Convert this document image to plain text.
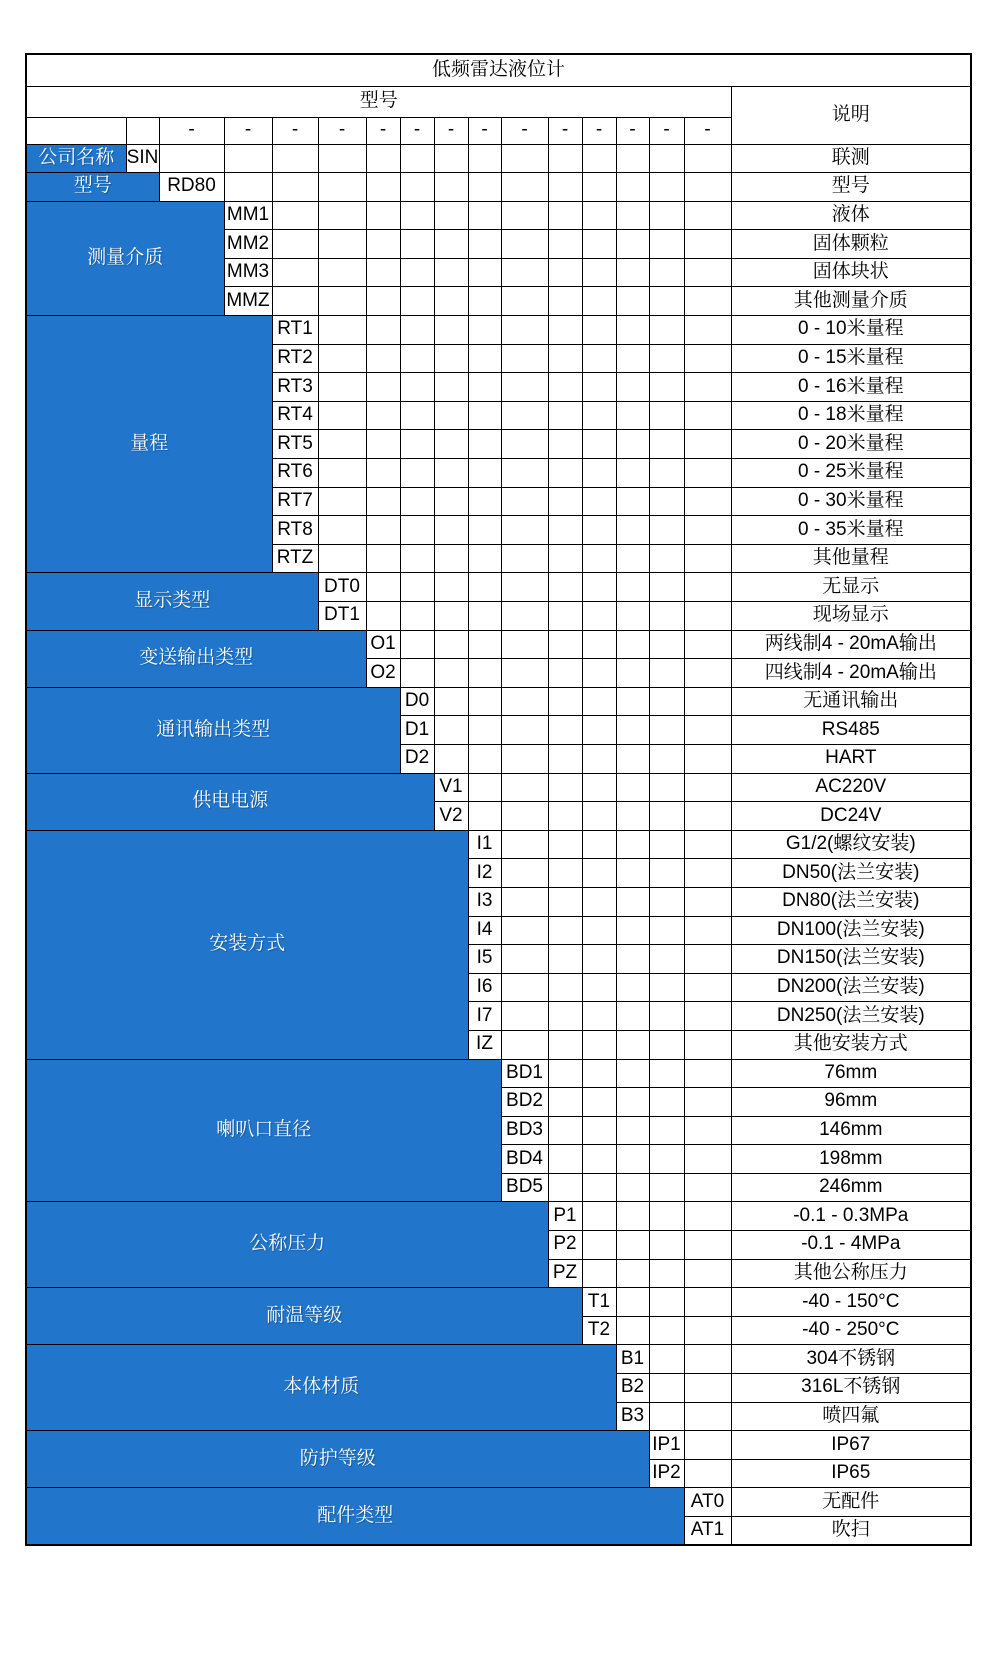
低频雷达液位计																
型号																说明
		-	-	-	-	-	-	-	-	-	-	-	-	-	-	
公司名称	SIN															联测
型号		RD80														型号
测量介质			MM1													液体
			MM2													固体颗粒
			MM3													固体块状
			MMZ													其他测量介质
量程				RT1												0 - 10米量程
				RT2												0 - 15米量程
				RT3												0 - 16米量程
				RT4												0 - 18米量程
				RT5												0 - 20米量程
				RT6												0 - 25米量程
				RT7												0 - 30米量程
				RT8												0 - 35米量程
				RTZ												其他量程
显示类型					DT0											无显示
					DT1											现场显示
变送输出类型						O1										两线制4 - 20mA输出
						O2										四线制4 - 20mA输出
通讯输出类型							D0									无通讯输出
							D1									RS485
							D2									HART
供电电源								V1								AC220V
								V2								DC24V
安装方式									I1							G1/2(螺纹安装)
									I2							DN50(法兰安装)
									I3							DN80(法兰安装)
									I4							DN100(法兰安装)
									I5							DN150(法兰安装)
									I6							DN200(法兰安装)
									I7							DN250(法兰安装)
									IZ							其他安装方式
喇叭口直径										BD1						76mm
										BD2						96mm
										BD3						146mm
										BD4						198mm
										BD5						246mm
公称压力											P1					-0.1 - 0.3MPa
											P2					-0.1 - 4MPa
											PZ					其他公称压力
耐温等级												T1				-40 - 150°C
												T2				-40 - 250°C
本体材质													B1			304不锈钢
													B2			316L不锈钢
													B3			喷四氟
防护等级														IP1		IP67
														IP2		IP65
配件类型															AT0	无配件
															AT1	吹扫
